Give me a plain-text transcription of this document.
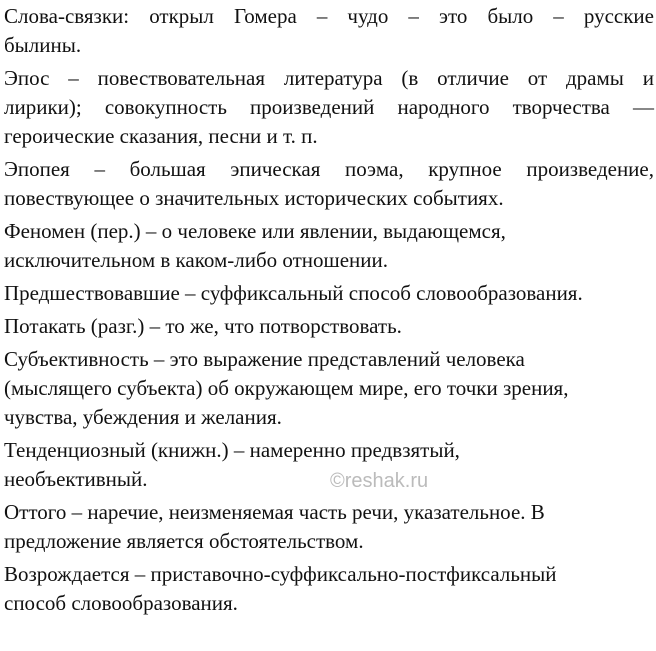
Слова-связки: открыл Гомера – чудо – это было – русские
былины.
Эпос – повествовательная литература (в отличие от драмы и
лирики); совокупность произведений народного творчества —
героические сказания, песни и т. п.
Эпопея – большая эпическая поэма, крупное произведение,
повествующее о значительных исторических событиях.
Феномен (пер.) – о человеке или явлении, выдающемся,
исключительном в каком-либо отношении.
Предшествовавшие – суффиксальный способ словообразования.
Потакать (разг.) – то же, что потворствовать.
Субъективность – это выражение представлений человека
(мыслящего субъекта) об окружающем мире, его точки зрения,
чувства, убеждения и желания.
Тенденциозный (книжн.) – намеренно предвзятый,
необъективный.
Оттого – наречие, неизменяемая часть речи, указательное. В
предложение является обстоятельством.
Возрождается – приставочно-суффиксально-постфиксальный
способ словообразования.
©reshak.ru
